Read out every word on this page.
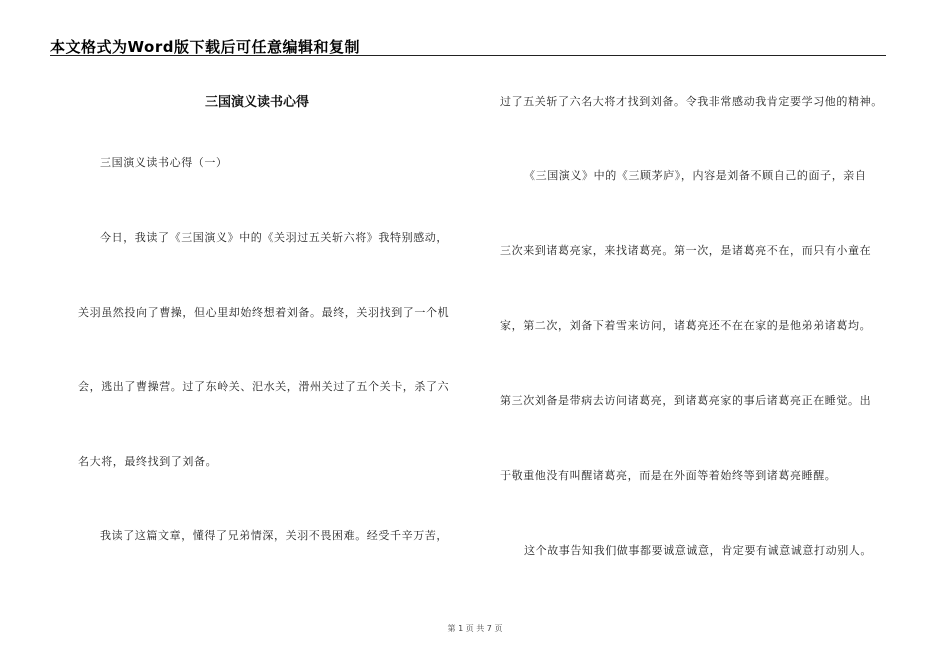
本文格式为Word版下载后可任意编辑和复制
三国演义读书心得
三国演义读书心得（一）
今日，我读了《三国演义》中的《关羽过五关斩六将》我特别感动，
关羽虽然投向了曹操，但心里却始终想着刘备。最终，关羽找到了一个机
会，逃出了曹操营。过了东岭关、汜水关，滑州关过了五个关卡，杀了六
名大将，最终找到了刘备。
我读了这篇文章，懂得了兄弟情深，关羽不畏困难。经受千辛万苦，
过了五关斩了六名大将才找到刘备。令我非常感动我肯定要学习他的精神。
《三国演义》中的《三顾茅庐》，内容是刘备不顾自己的面子，亲自
三次来到诸葛亮家，来找诸葛亮。第一次，是诸葛亮不在，而只有小童在
家，第二次，刘备下着雪来访问，诸葛亮还不在在家的是他弟弟诸葛均。
第三次刘备是带病去访问诸葛亮，到诸葛亮家的事后诸葛亮正在睡觉。出
于敬重他没有叫醒诸葛亮，而是在外面等着始终等到诸葛亮睡醒。
这个故事告知我们做事都要诚意诚意，肯定要有诚意诚意打动别人。
第 1 页 共 7 页
